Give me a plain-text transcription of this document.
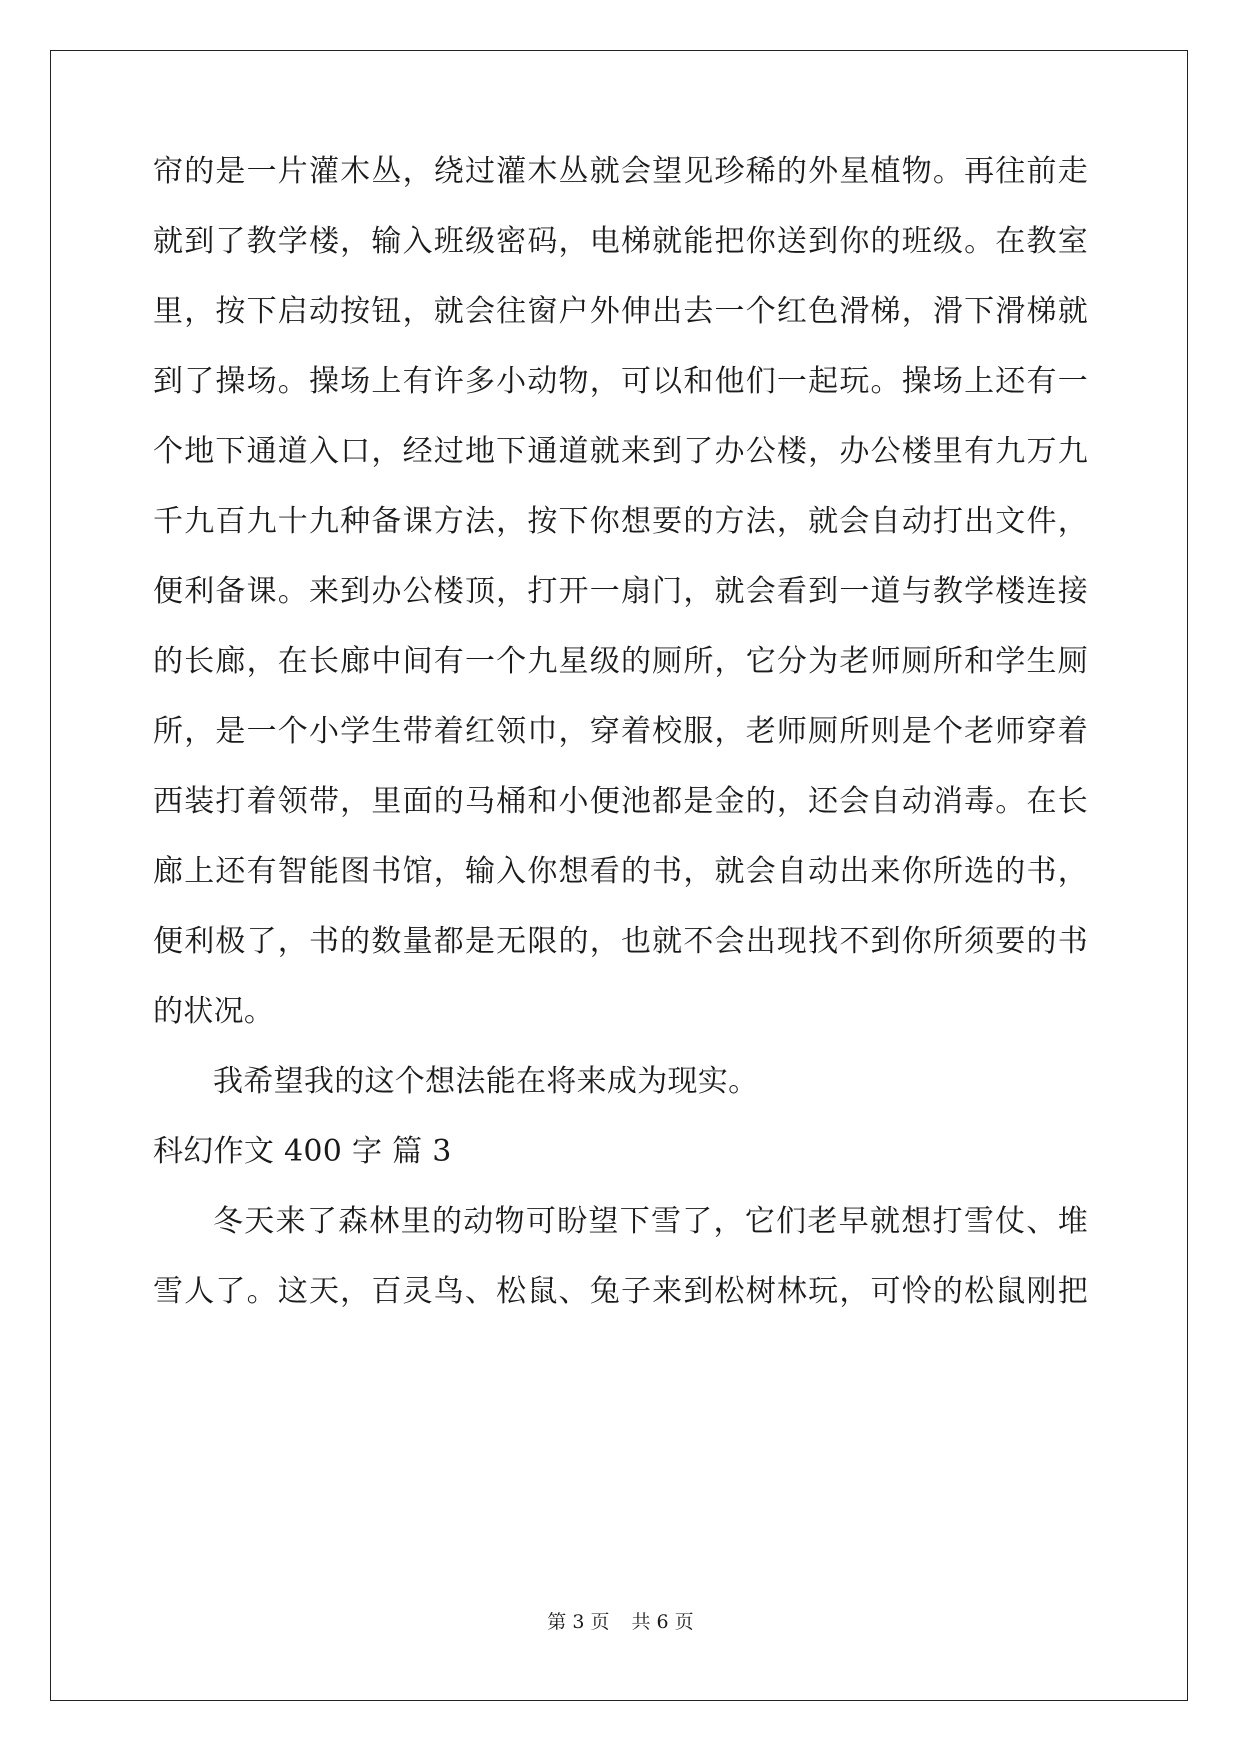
帘的是一片灌木丛，绕过灌木丛就会望见珍稀的外星植物。再往前走
就到了教学楼，输入班级密码，电梯就能把你送到你的班级。在教室
里，按下启动按钮，就会往窗户外伸出去一个红色滑梯，滑下滑梯就
到了操场。操场上有许多小动物，可以和他们一起玩。操场上还有一
个地下通道入口，经过地下通道就来到了办公楼，办公楼里有九万九
千九百九十九种备课方法，按下你想要的方法，就会自动打出文件，
便利备课。来到办公楼顶，打开一扇门，就会看到一道与教学楼连接
的长廊，在长廊中间有一个九星级的厕所，它分为老师厕所和学生厕
所，是一个小学生带着红领巾，穿着校服，老师厕所则是个老师穿着
西装打着领带，里面的马桶和小便池都是金的，还会自动消毒。在长
廊上还有智能图书馆，输入你想看的书，就会自动出来你所选的书，
便利极了，书的数量都是无限的，也就不会出现找不到你所须要的书
的状况。
我希望我的这个想法能在将来成为现实。
科幻作文 400 字 篇 3
冬天来了森林里的动物可盼望下雪了，它们老早就想打雪仗、堆
雪人了。这天，百灵鸟、松鼠、兔子来到松树林玩，可怜的松鼠刚把
第 3 页 共 6 页
